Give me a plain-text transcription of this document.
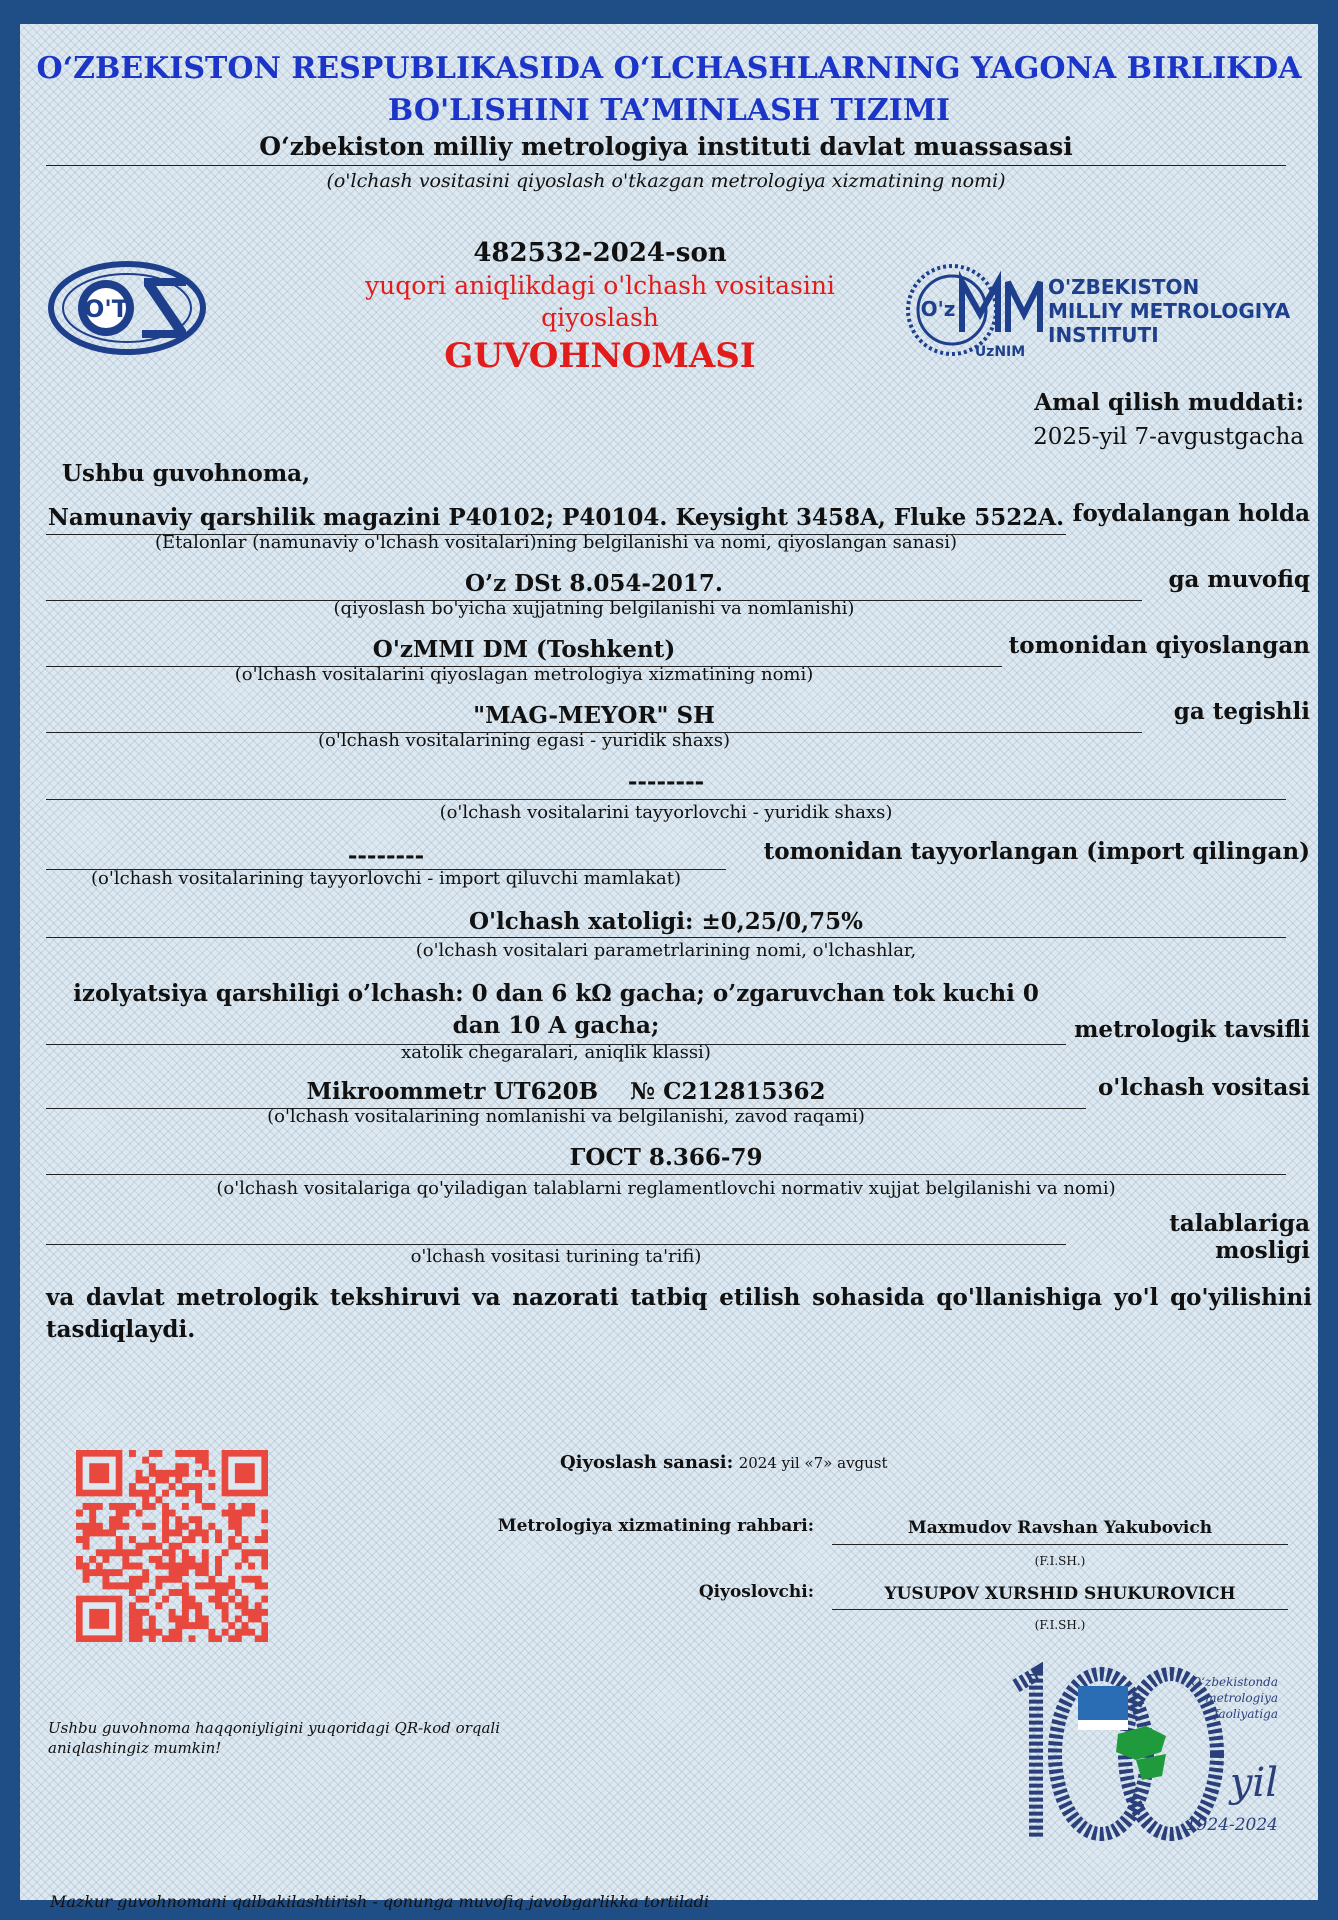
O‘ZBEKISTON RESPUBLIKASIDA O‘LCHASHLARNING YAGONA BIRLIKDA
BO'LISHINI TA’MINLASH TIZIMI
O‘zbekiston milliy metrologiya instituti davlat muassasasi
(o'lchash vositasini qiyoslash o'tkazgan metrologiya xizmatining nomi)
O'T
482532-2024-son
yuqori aniqlikdagi o'lchash vositasini
qiyoslash
GUVOHNOMASI
O'z
UzNIM
O'ZBEKISTON
MILLIY METROLOGIYA
INSTITUTI
Amal qilish muddati:
2025-yil 7-avgustgacha
Ushbu guvohnoma,
Namunaviy qarshilik magazini P40102; P40104. Keysight 3458A, Fluke 5522A. foydalangan holda
(Etalonlar (namunaviy o'lchash vositalari)ning belgilanishi va nomi, qiyoslangan sanasi)
O’z DSt 8.054-2017.	ga muvofiq
(qiyoslash bo'yicha xujjatning belgilanishi va nomlanishi)
O'zMMI DM (Toshkent)	tomonidan qiyoslangan
(o'lchash vositalarini qiyoslagan metrologiya xizmatining nomi)
"MAG-MEYOR" SH	ga tegishli
(o'lchash vositalarining egasi - yuridik shaxs)
--------
(o'lchash vositalarini tayyorlovchi - yuridik shaxs)
--------	tomonidan tayyorlangan (import qilingan)
(o'lchash vositalarining tayyorlovchi - import qiluvchi mamlakat)
O'lchash xatoligi: ±0,25/0,75%
(o'lchash vositalari parametrlarining nomi, o'lchashlar,
izolyatsiya qarshiligi o’lchash: 0 dan 6 kΩ gacha; o’zgaruvchan tok kuchi 0
dan 10 A gacha;	metrologik tavsifli
xatolik chegaralari, aniqlik klassi)
Mikroommetr UT620B    № C212815362	o'lchash vositasi
(o'lchash vositalarining nomlanishi va belgilanishi, zavod raqami)
ГОСТ 8.366-79
(o'lchash vositalariga qo'yiladigan talablarni reglamentlovchi normativ xujjat belgilanishi va nomi)
talablariga mosligi
o'lchash vositasi turining ta'rifi)
va davlat metrologik tekshiruvi va nazorati tatbiq etilish sohasida qo'llanishiga yo'l qo'yilishini tasdiqlaydi.
Qiyoslash sanasi: 2024 yil «7» avgust
Metrologiya xizmatining rahbari:	Maxmudov Ravshan Yakubovich
(F.I.SH.)
Qiyoslovchi:	YUSUPOV XURSHID SHUKUROVICH
(F.I.SH.)
Ushbu guvohnoma haqqoniyligini yuqoridagi QR-kod orqali aniqlashingiz mumkin!
O‘zbekistonda
metrologiya
faoliyatiga
yil
1924-2024
Mazkur guvohnomani qalbakilashtirish - qonunga muvofiq javobgarlikka tortiladi
